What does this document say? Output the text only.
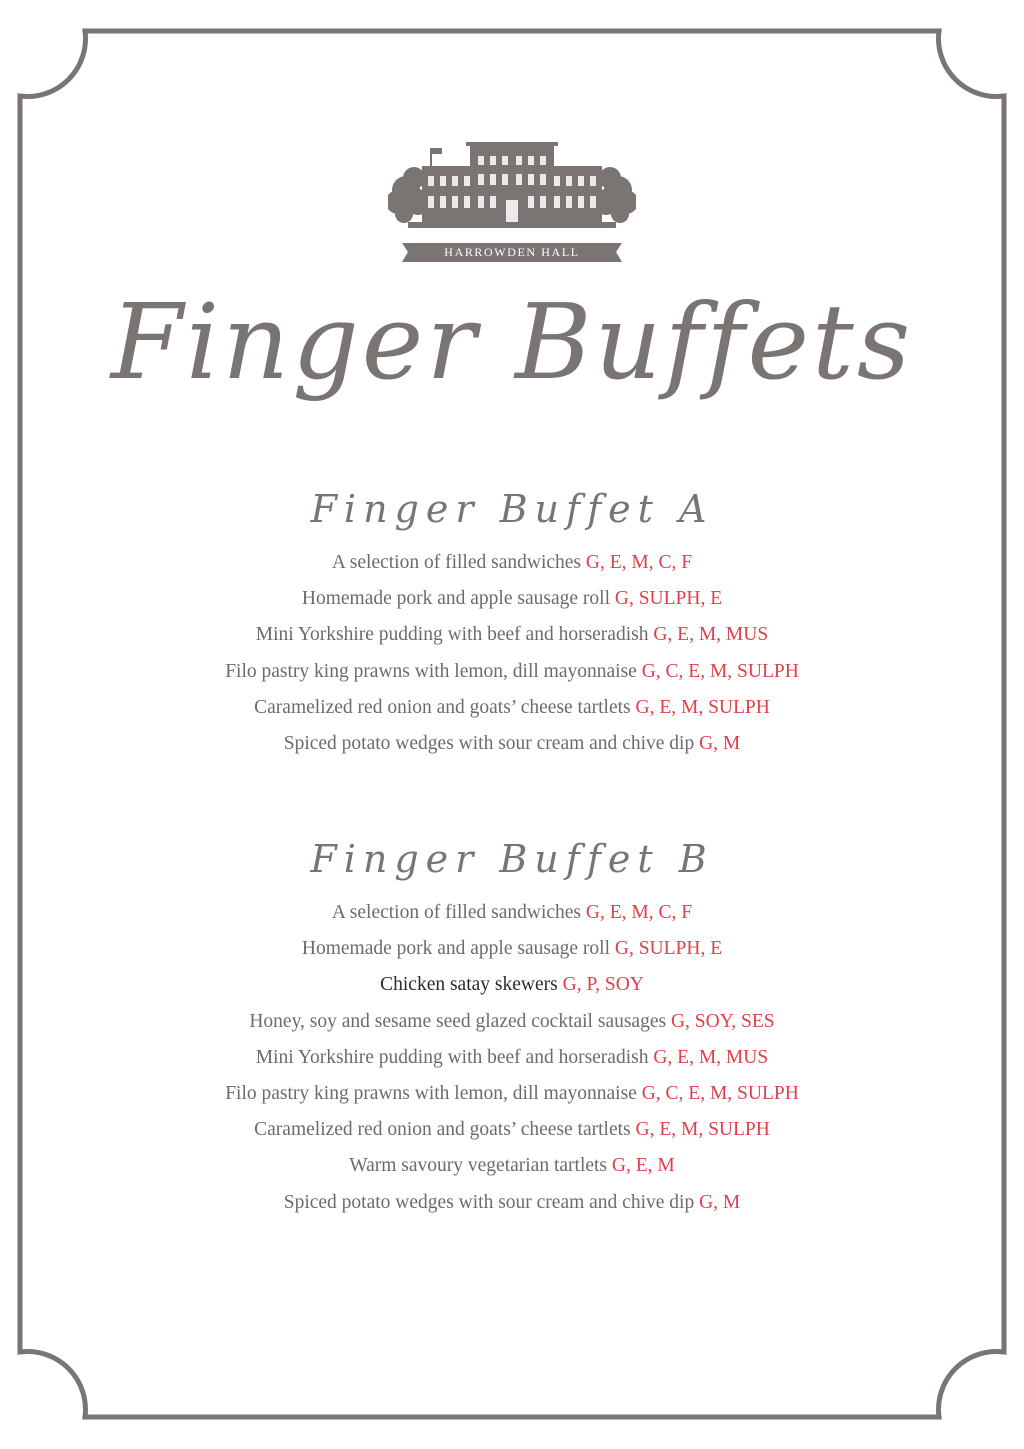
HARROWDEN HALL
Finger Buffets
Finger Buffet A
A selection of filled sandwiches G, E, M, C, F
Homemade pork and apple sausage roll G, SULPH, E
Mini Yorkshire pudding with beef and horseradish G, E, M, MUS
Filo pastry king prawns with lemon, dill mayonnaise G, C, E, M, SULPH
Caramelized red onion and goats’ cheese tartlets G, E, M, SULPH
Spiced potato wedges with sour cream and chive dip G, M
Finger Buffet B
A selection of filled sandwiches G, E, M, C, F
Homemade pork and apple sausage roll G, SULPH, E
Chicken satay skewers G, P, SOY
Honey, soy and sesame seed glazed cocktail sausages G, SOY, SES
Mini Yorkshire pudding with beef and horseradish G, E, M, MUS
Filo pastry king prawns with lemon, dill mayonnaise G, C, E, M, SULPH
Caramelized red onion and goats’ cheese tartlets G, E, M, SULPH
Warm savoury vegetarian tartlets G, E, M
Spiced potato wedges with sour cream and chive dip G, M
